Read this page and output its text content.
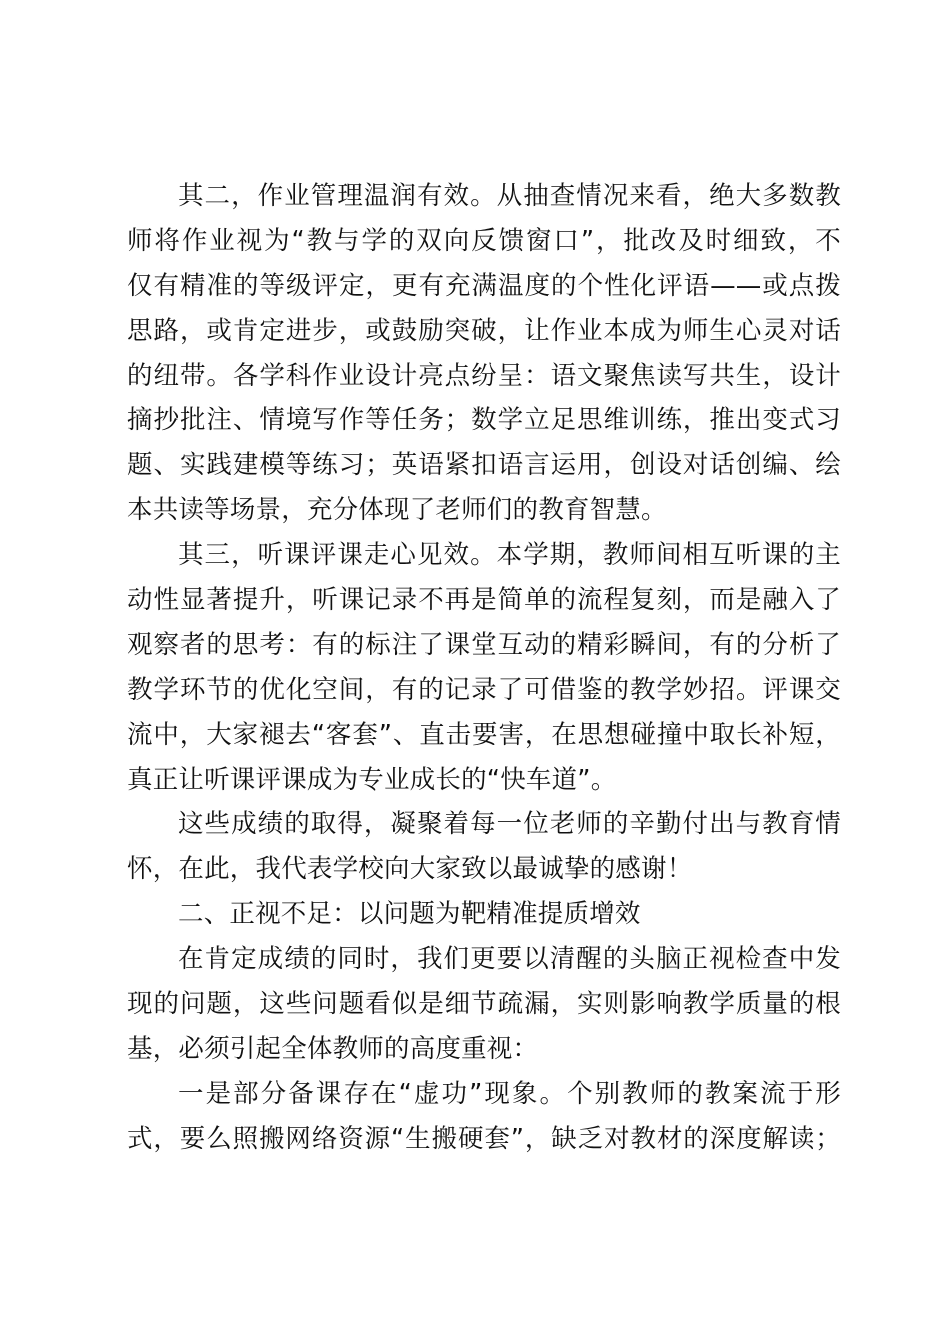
其二，作业管理温润有效。从抽查情况来看，绝大多数教
师将作业视为“教与学的双向反馈窗口”，批改及时细致，不
仅有精准的等级评定，更有充满温度的个性化评语——或点拨
思路，或肯定进步，或鼓励突破，让作业本成为师生心灵对话
的纽带。各学科作业设计亮点纷呈：语文聚焦读写共生，设计
摘抄批注、情境写作等任务；数学立足思维训练，推出变式习
题、实践建模等练习；英语紧扣语言运用，创设对话创编、绘
本共读等场景，充分体现了老师们的教育智慧。
其三，听课评课走心见效。本学期，教师间相互听课的主
动性显著提升，听课记录不再是简单的流程复刻，而是融入了
观察者的思考：有的标注了课堂互动的精彩瞬间，有的分析了
教学环节的优化空间，有的记录了可借鉴的教学妙招。评课交
流中，大家褪去“客套”、直击要害，在思想碰撞中取长补短，
真正让听课评课成为专业成长的“快车道”。
这些成绩的取得，凝聚着每一位老师的辛勤付出与教育情
怀，在此，我代表学校向大家致以最诚挚的感谢！
二、正视不足：以问题为靶精准提质增效
在肯定成绩的同时，我们更要以清醒的头脑正视检查中发
现的问题，这些问题看似是细节疏漏，实则影响教学质量的根
基，必须引起全体教师的高度重视：
一是部分备课存在“虚功”现象。个别教师的教案流于形
式，要么照搬网络资源“生搬硬套”，缺乏对教材的深度解读；
